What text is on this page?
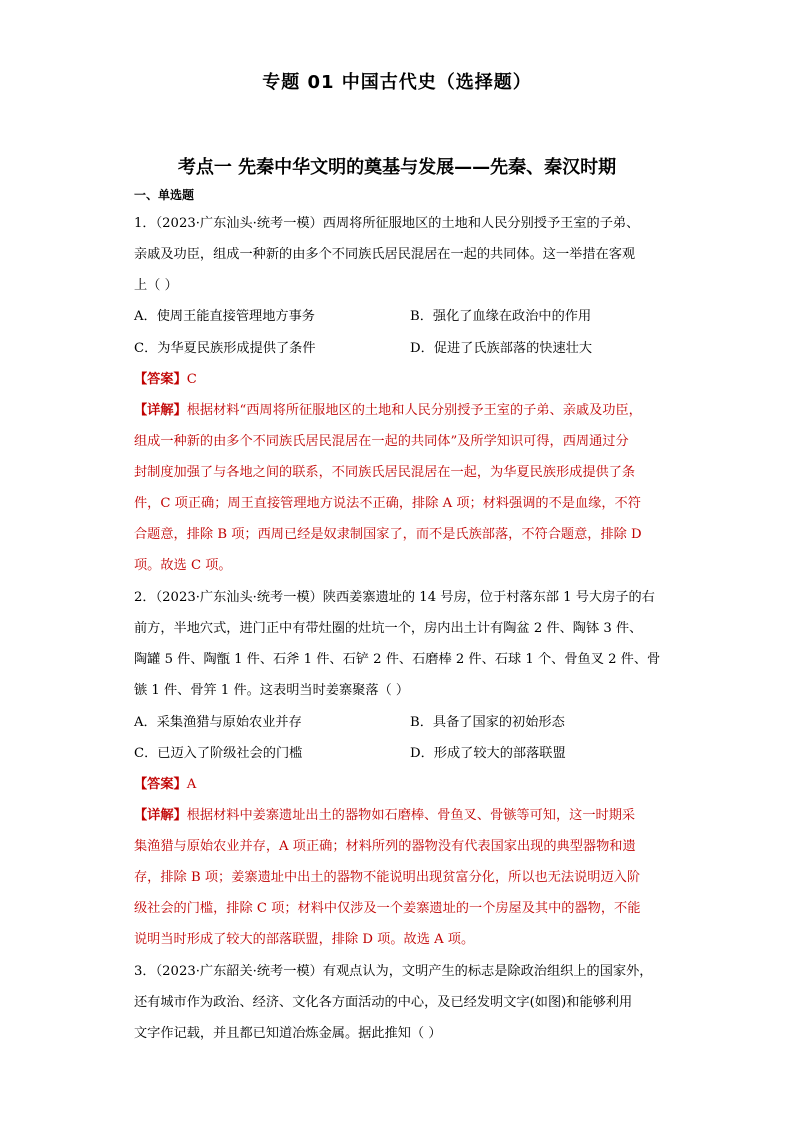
专题 01 中国古代史（选择题）
考点一 先秦中华文明的奠基与发展——先秦、秦汉时期
一、单选题
1．（2023·广东汕头·统考一模）西周将所征服地区的土地和人民分别授予王室的子弟、
亲戚及功臣，组成一种新的由多个不同族氏居民混居在一起的共同体。这一举措在客观
上（ ）
A．使周王能直接管理地方事务	B．强化了血缘在政治中的作用
C．为华夏民族形成提供了条件	D．促进了氏族部落的快速壮大
【答案】C
【详解】根据材料“西周将所征服地区的土地和人民分别授予王室的子弟、亲戚及功臣，
组成一种新的由多个不同族氏居民混居在一起的共同体”及所学知识可得，西周通过分
封制度加强了与各地之间的联系，不同族氏居民混居在一起，为华夏民族形成提供了条
件，C 项正确；周王直接管理地方说法不正确，排除 A 项；材料强调的不是血缘，不符
合题意，排除 B 项；西周已经是奴隶制国家了，而不是氏族部落，不符合题意，排除 D
项。故选 C 项。
2．（2023·广东汕头·统考一模）陕西姜寨遗址的 14 号房，位于村落东部 1 号大房子的右
前方，半地穴式，进门正中有带灶圈的灶坑一个，房内出土计有陶盆 2 件、陶钵 3 件、
陶罐 5 件、陶甑 1 件、石斧 1 件、石铲 2 件、石磨棒 2 件、石球 1 个、骨鱼叉 2 件、骨
镞 1 件、骨笄 1 件。这表明当时姜寨聚落（ ）
A．采集渔猎与原始农业并存	B．具备了国家的初始形态
C．已迈入了阶级社会的门槛	D．形成了较大的部落联盟
【答案】A
【详解】根据材料中姜寨遗址出土的器物如石磨棒、骨鱼叉、骨镞等可知，这一时期采
集渔猎与原始农业并存，A 项正确；材料所列的器物没有代表国家出现的典型器物和遗
存，排除 B 项；姜寨遗址中出土的器物不能说明出现贫富分化，所以也无法说明迈入阶
级社会的门槛，排除 C 项；材料中仅涉及一个姜寨遗址的一个房屋及其中的器物，不能
说明当时形成了较大的部落联盟，排除 D 项。故选 A 项。
3．（2023·广东韶关·统考一模）有观点认为，文明产生的标志是除政治组织上的国家外，
还有城市作为政治、经济、文化各方面活动的中心，及已经发明文字(如图)和能够利用
文字作记载，并且都已知道冶炼金属。据此推知（ ）
